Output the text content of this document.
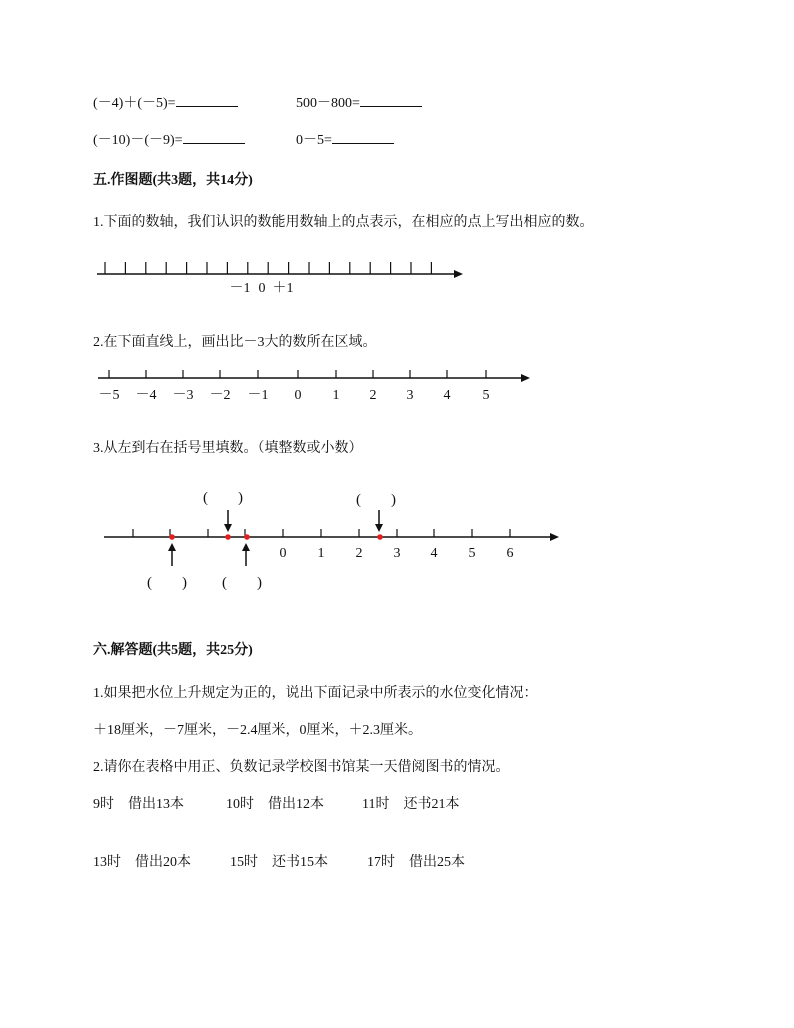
(－4)＋(－5)=	500－800=
(－10)－(－9)=	0－5=
五.作图题(共3题，共14分)
1.下面的数轴，我们认识的数能用数轴上的点表示，在相应的点上写出相应的数。
－1 0 ＋1
－5 －4 －3 －2 －1 0 1 2 3 4 5
0 1 2 3 4 5 6
2.在下面直线上，画出比－3大的数所在区域。
3.从左到右在括号里填数。（填整数或小数）
(　　)	(　　)
(　　) (　　)
六.解答题(共5题，共25分)
1.如果把水位上升规定为正的，说出下面记录中所表示的水位变化情况：
＋18厘米，－7厘米，－2.4厘米，0厘米，＋2.3厘米。
2.请你在表格中用正、负数记录学校图书馆某一天借阅图书的情况。
9时　借出13本	10时　借出12本	11时　还书21本
13时　借出20本	15时　还书15本	17时　借出25本
